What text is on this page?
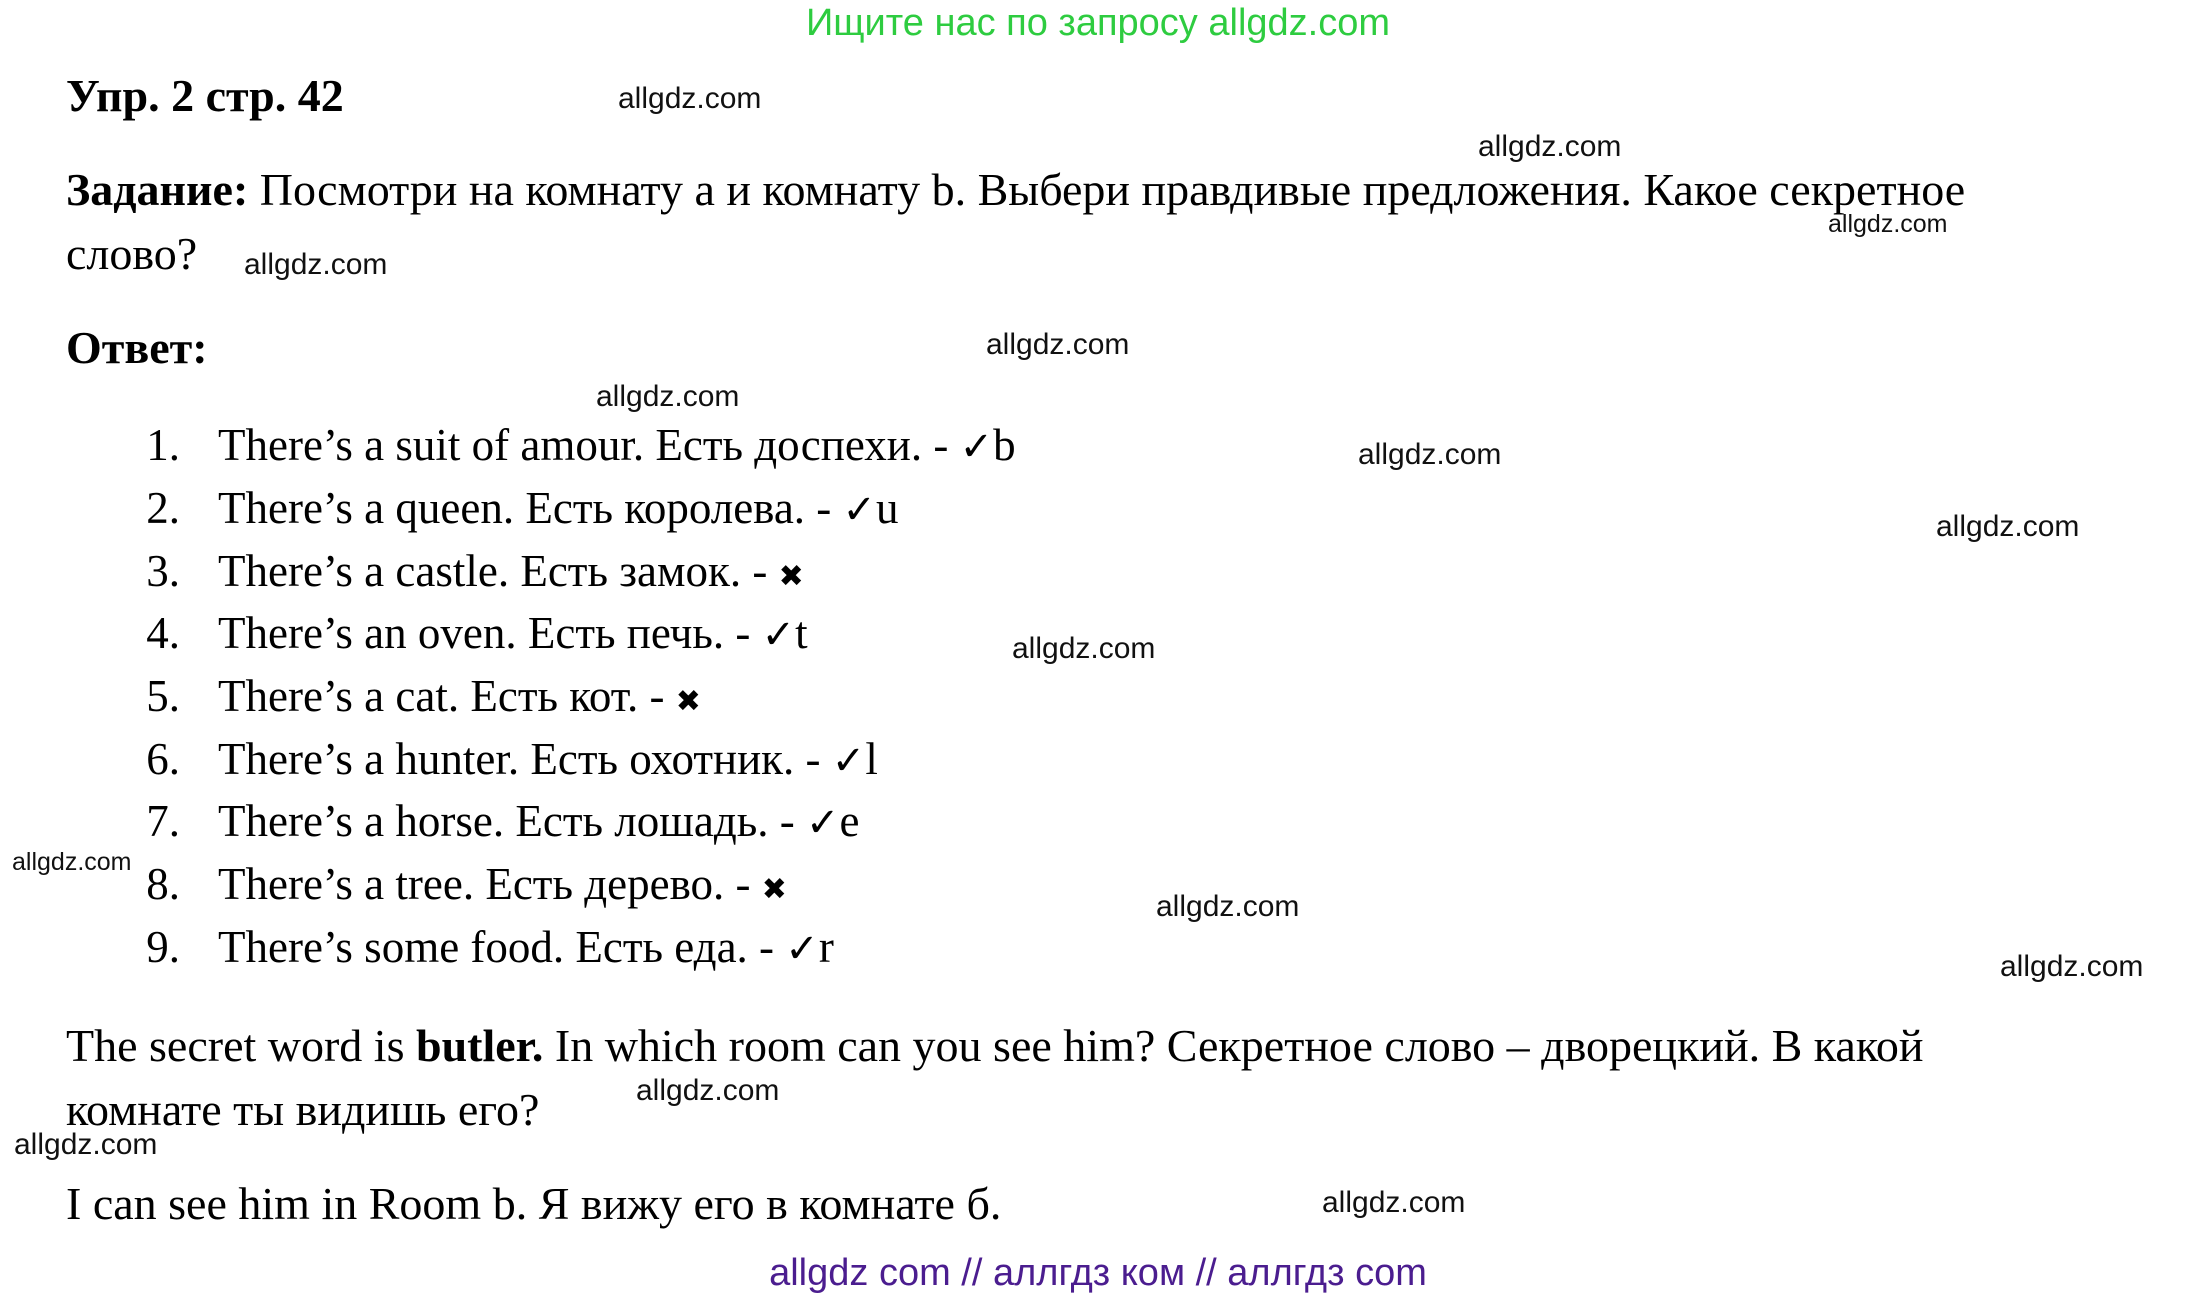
Ищите нас по запросу allgdz.com
Упр. 2 стр. 42
Задание: Посмотри на комнату a и комнату b. Выбери правдивые предложения. Какое секретное
слово?
Ответ:
1. There’s a suit of amour. Есть доспехи. - ✓b
2. There’s a queen. Есть королева. - ✓u
3. There’s a castle. Есть замок. - ✖
4. There’s an oven. Есть печь. - ✓t
5. There’s a cat. Есть кот. - ✖
6. There’s a hunter. Есть охотник. - ✓l
7. There’s a horse. Есть лошадь. - ✓e
8. There’s a tree. Есть дерево. - ✖
9. There’s some food. Есть еда. - ✓r
The secret word is butler. In which room can you see him? Секретное слово – дворецкий. В какой
комнате ты видишь его?
I can see him in Room b. Я вижу его в комнате б.
allgdz com // аллгдз ком // аллгдз com
allgdz.com
allgdz.com
allgdz.com
allgdz.com
allgdz.com
allgdz.com
allgdz.com
allgdz.com
allgdz.com
allgdz.com
allgdz.com
allgdz.com
allgdz.com
allgdz.com
allgdz.com
